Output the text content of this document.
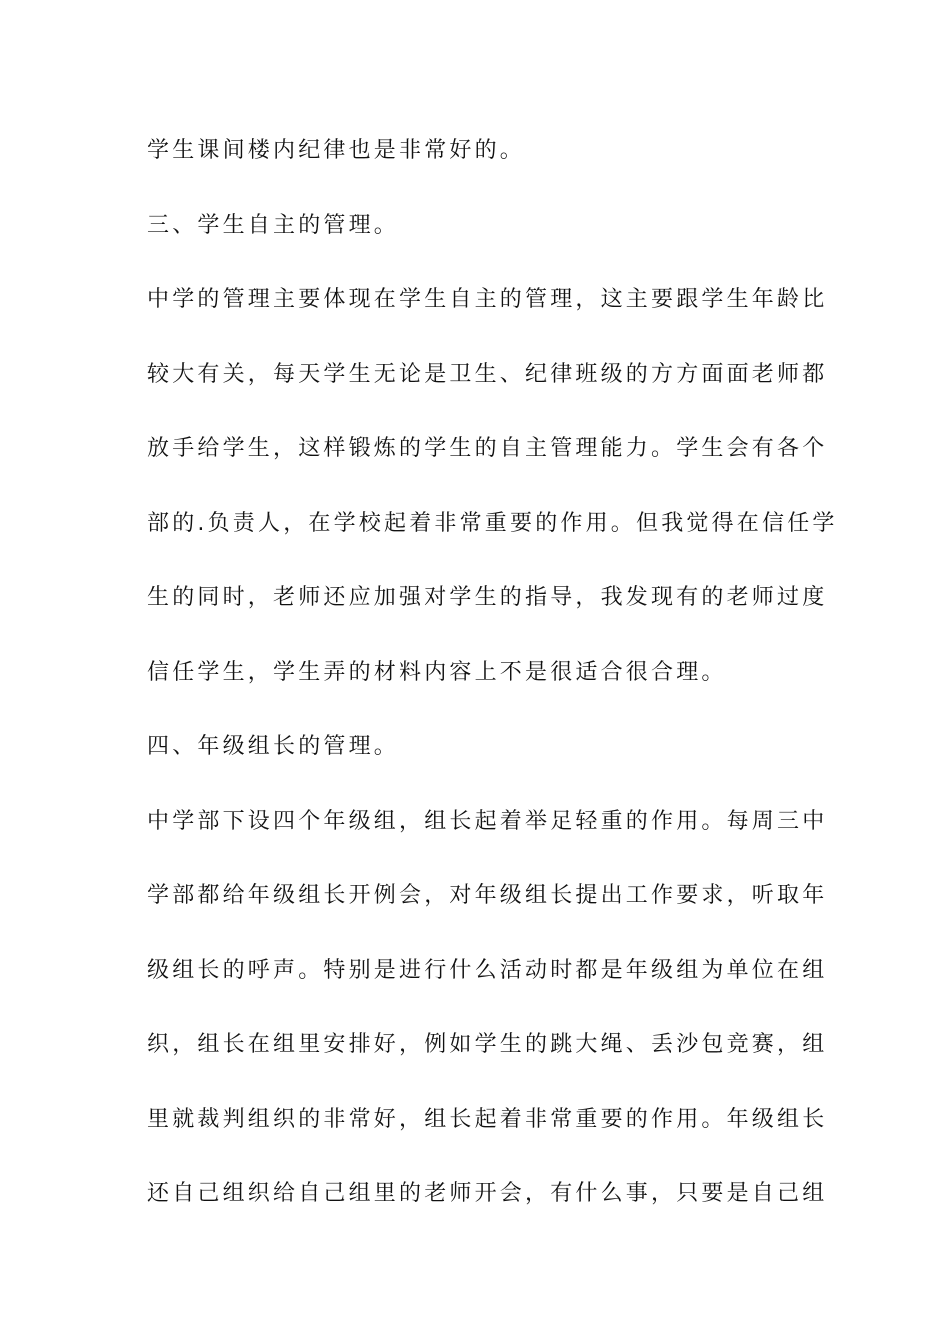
学生课间楼内纪律也是非常好的。
三、学生自主的管理。
中学的管理主要体现在学生自主的管理，这主要跟学生年龄比
较大有关，每天学生无论是卫生、纪律班级的方方面面老师都
放手给学生，这样锻炼的学生的自主管理能力。学生会有各个
部的.负责人，在学校起着非常重要的作用。但我觉得在信任学
生的同时，老师还应加强对学生的指导，我发现有的老师过度
信任学生，学生弄的材料内容上不是很适合很合理。
四、年级组长的管理。
中学部下设四个年级组，组长起着举足轻重的作用。每周三中
学部都给年级组长开例会，对年级组长提出工作要求，听取年
级组长的呼声。特别是进行什么活动时都是年级组为单位在组
织，组长在组里安排好，例如学生的跳大绳、丢沙包竞赛，组
里就裁判组织的非常好，组长起着非常重要的作用。年级组长
还自己组织给自己组里的老师开会，有什么事，只要是自己组
